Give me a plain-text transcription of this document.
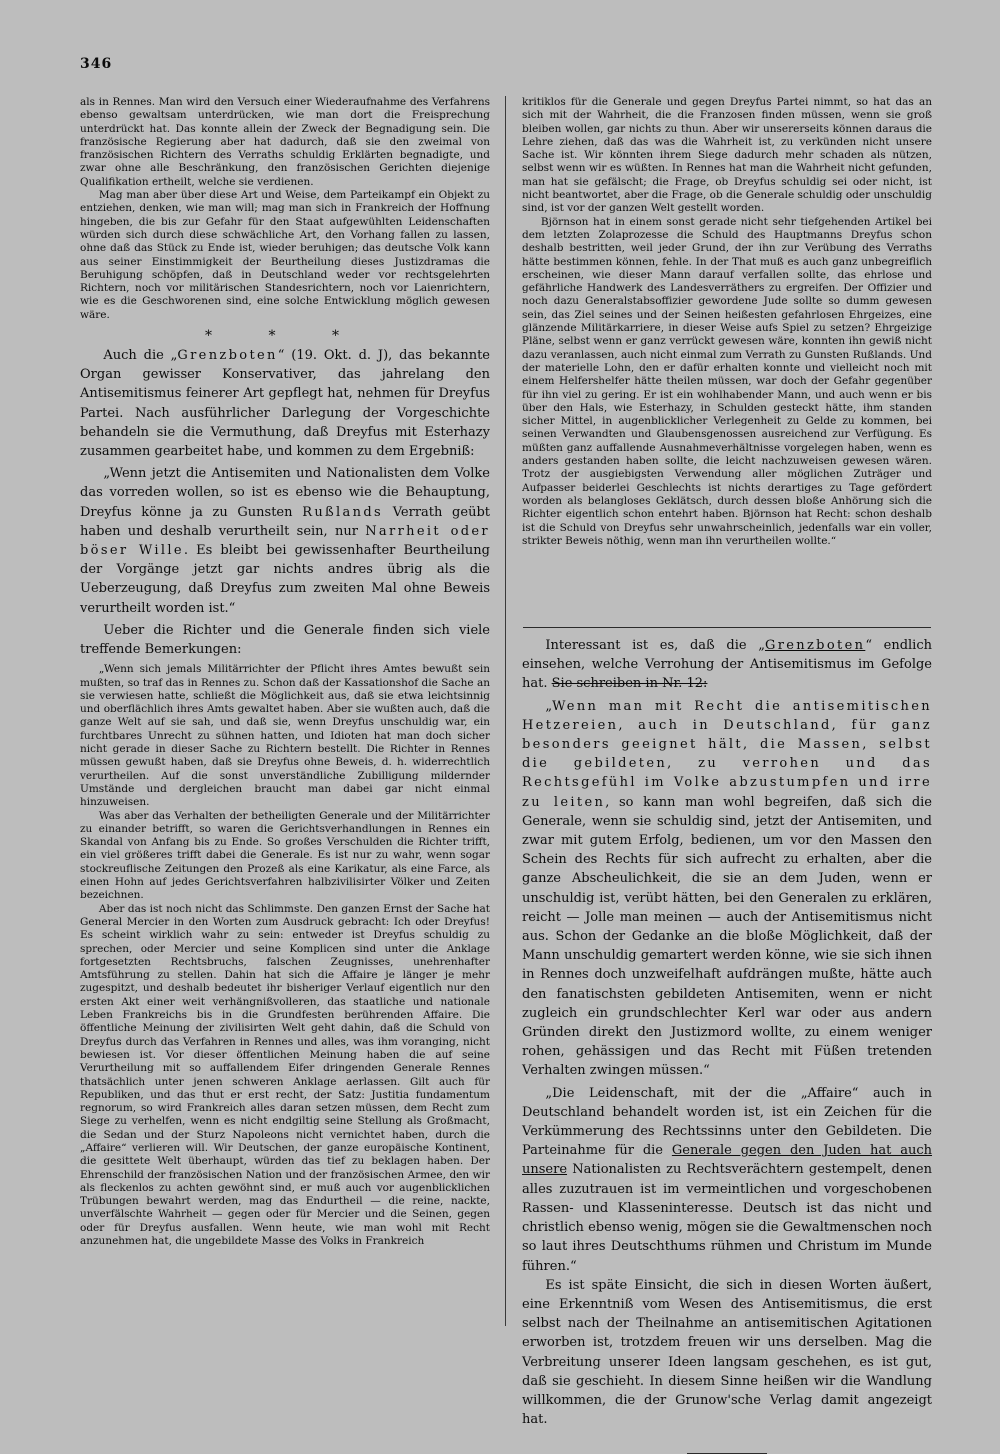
346

als in Rennes. Man wird den Versuch einer Wiederaufnahme des Verfahrens ebenso gewaltsam unterdrücken, wie man dort die Freisprechung unterdrückt hat. Das konnte allein der Zweck der Begnadigung sein. Die französische Regierung aber hat dadurch, daß sie den zweimal von französischen Richtern des Verraths schuldig Erklärten begnadigte, und zwar ohne alle Beschränkung, den französischen Gerichten diejenige Qualifikation ertheilt, welche sie verdienen.

Mag man aber über diese Art und Weise, dem Parteikampf ein Objekt zu entziehen, denken, wie man will; mag man sich in Frankreich der Hoffnung hingeben, die bis zur Gefahr für den Staat aufgewühlten Leidenschaften würden sich durch diese schwächliche Art, den Vorhang fallen zu lassen, ohne daß das Stück zu Ende ist, wieder beruhigen; das deutsche Volk kann aus seiner Einstimmigkeit der Beurtheilung dieses Justizdramas die Beruhigung schöpfen, daß in Deutschland weder vor rechtsgelehrten Richtern, noch vor militärischen Standesrichtern, noch vor Laienrichtern, wie es die Geschworenen sind, eine solche Entwicklung möglich gewesen wäre.

* * *

Auch die „Grenzboten“ (19. Okt. d. J), das bekannte Organ gewisser Konservativer, das jahrelang den Antisemitismus feinerer Art gepflegt hat, nehmen für Dreyfus Partei. Nach ausführlicher Darlegung der Vorgeschichte behandeln sie die Vermuthung, daß Dreyfus mit Esterhazy zusammen gearbeitet habe, und kommen zu dem Ergebniß:

„Wenn jetzt die Antisemiten und Nationalisten dem Volke das vorreden wollen, so ist es ebenso wie die Behauptung, Dreyfus könne ja zu Gunsten Rußlands Verrath geübt haben und deshalb verurtheilt sein, nur Narrheit oder böser Wille. Es bleibt bei gewissenhafter Beurtheilung der Vorgänge jetzt gar nichts andres übrig als die Ueberzeugung, daß Dreyfus zum zweiten Mal ohne Beweis verurtheilt worden ist.“

Ueber die Richter und die Generale finden sich viele treffende Bemerkungen:

„Wenn sich jemals Militärrichter der Pflicht ihres Amtes bewußt sein mußten, so traf das in Rennes zu. Schon daß der Kassationshof die Sache an sie verwiesen hatte, schließt die Möglichkeit aus, daß sie etwa leichtsinnig und oberflächlich ihres Amts gewaltet haben. Aber sie wußten auch, daß die ganze Welt auf sie sah, und daß sie, wenn Dreyfus unschuldig war, ein furchtbares Unrecht zu sühnen hatten, und Idioten hat man doch sicher nicht gerade in dieser Sache zu Richtern bestellt. Die Richter in Rennes müssen gewußt haben, daß sie Dreyfus ohne Beweis, d. h. widerrechtlich verurtheilen. Auf die sonst unverständliche Zubilligung mildernder Umstände und dergleichen braucht man dabei gar nicht einmal hinzuweisen.

Was aber das Verhalten der betheiligten Generale und der Militärrichter zu einander betrifft, so waren die Gerichtsverhandlungen in Rennes ein Skandal von Anfang bis zu Ende. So großes Verschulden die Richter trifft, ein viel größeres trifft dabei die Generale. Es ist nur zu wahr, wenn sogar stockreuflische Zeitungen den Prozeß als eine Karikatur, als eine Farce, als einen Hohn auf jedes Gerichtsverfahren halbzivilisirter Völker und Zeiten bezeichnen.

Aber das ist noch nicht das Schlimmste. Den ganzen Ernst der Sache hat General Mercier in den Worten zum Ausdruck gebracht: Ich oder Dreyfus! Es scheint wirklich wahr zu sein: entweder ist Dreyfus schuldig zu sprechen, oder Mercier und seine Komplicen sind unter die Anklage fortgesetzten Rechtsbruchs, falschen Zeugnisses, unehrenhafter Amtsführung zu stellen. Dahin hat sich die Affaire je länger je mehr zugespitzt, und deshalb bedeutet ihr bisheriger Verlauf eigentlich nur den ersten Akt einer weit verhängnißvolleren, das staatliche und nationale Leben Frankreichs bis in die Grundfesten berührenden Affaire. Die öffentliche Meinung der zivilisirten Welt geht dahin, daß die Schuld von Dreyfus durch das Verfahren in Rennes und alles, was ihm voranging, nicht bewiesen ist. Vor dieser öffentlichen Meinung haben die auf seine Verurtheilung mit so auffallendem Eifer dringenden Generale Rennes thatsächlich unter jenen schweren Anklage aerlassen. Gilt auch für Republiken, und das thut er erst recht, der Satz: Justitia fundamentum regnorum, so wird Frankreich alles daran setzen müssen, dem Recht zum Siege zu verhelfen, wenn es nicht endgiltig seine Stellung als Großmacht, die Sedan und der Sturz Napoleons nicht vernichtet haben, durch die „Affaire“ verlieren will. Wir Deutschen, der ganze europäische Kontinent, die gesittete Welt überhaupt, würden das tief zu beklagen haben. Der Ehrenschild der französischen Nation und der französischen Armee, den wir als fleckenlos zu achten gewöhnt sind, er muß auch vor augenblicklichen Trübungen bewahrt werden, mag das Endurtheil — die reine, nackte, unverfälschte Wahrheit — gegen oder für Mercier und die Seinen, gegen oder für Dreyfus ausfallen. Wenn heute, wie man wohl mit Recht anzunehmen hat, die ungebildete Masse des Volks in Frankreich

kritiklos für die Generale und gegen Dreyfus Partei nimmt, so hat das an sich mit der Wahrheit, die die Franzosen finden müssen, wenn sie groß bleiben wollen, gar nichts zu thun. Aber wir unsererseits können daraus die Lehre ziehen, daß das was die Wahrheit ist, zu verkünden nicht unsere Sache ist. Wir könnten ihrem Siege dadurch mehr schaden als nützen, selbst wenn wir es wüßten. In Rennes hat man die Wahrheit nicht gefunden, man hat sie gefälscht; die Frage, ob Dreyfus schuldig sei oder nicht, ist nicht beantwortet, aber die Frage, ob die Generale schuldig oder unschuldig sind, ist vor der ganzen Welt gestellt worden.

Björnson hat in einem sonst gerade nicht sehr tiefgehenden Artikel bei dem letzten Zolaprozesse die Schuld des Hauptmanns Dreyfus schon deshalb bestritten, weil jeder Grund, der ihn zur Verübung des Verraths hätte bestimmen können, fehle. In der That muß es auch ganz unbegreiflich erscheinen, wie dieser Mann darauf verfallen sollte, das ehrlose und gefährliche Handwerk des Landesverräthers zu ergreifen. Der Offizier und noch dazu Generalstabsoffizier gewordene Jude sollte so dumm gewesen sein, das Ziel seines und der Seinen heißesten gefahrlosen Ehrgeizes, eine glänzende Militärkarriere, in dieser Weise aufs Spiel zu setzen? Ehrgeizige Pläne, selbst wenn er ganz verrückt gewesen wäre, konnten ihn gewiß nicht dazu veranlassen, auch nicht einmal zum Verrath zu Gunsten Rußlands. Und der materielle Lohn, den er dafür erhalten konnte und vielleicht noch mit einem Helfershelfer hätte theilen müssen, war doch der Gefahr gegenüber für ihn viel zu gering. Er ist ein wohlhabender Mann, und auch wenn er bis über den Hals, wie Esterhazy, in Schulden gesteckt hätte, ihm standen sicher Mittel, in augenblicklicher Verlegenheit zu Gelde zu kommen, bei seinen Verwandten und Glaubensgenossen ausreichend zur Verfügung. Es müßten ganz auffallende Ausnahmeverhältnisse vorgelegen haben, wenn es anders gestanden haben sollte, die leicht nachzuweisen gewesen wären. Trotz der ausgiebigsten Verwendung aller möglichen Zuträger und Aufpasser beiderlei Geschlechts ist nichts derartiges zu Tage gefördert worden als belangloses Geklätsch, durch dessen bloße Anhörung sich die Richter eigentlich schon entehrt haben. Björnson hat Recht: schon deshalb ist die Schuld von Dreyfus sehr unwahrscheinlich, jedenfalls war ein voller, strikter Beweis nöthig, wenn man ihn verurtheilen wollte.“

Interessant ist es, daß die „Grenzboten“ endlich einsehen, welche Verrohung der Antisemitismus im Gefolge hat. Sie schreiben in Nr. 12:

„Wenn man mit Recht die antisemitischen Hetzereien, auch in Deutschland, für ganz besonders geeignet hält, die Massen, selbst die gebildeten, zu verrohen und das Rechtsgefühl im Volke abzustumpfen und irre zu leiten, so kann man wohl begreifen, daß sich die Generale, wenn sie schuldig sind, jetzt der Antisemiten, und zwar mit gutem Erfolg, bedienen, um vor den Massen den Schein des Rechts für sich aufrecht zu erhalten, aber die ganze Abscheulichkeit, die sie an dem Juden, wenn er unschuldig ist, verübt hätten, bei den Generalen zu erklären, reicht — Jolle man meinen — auch der Antisemitismus nicht aus. Schon der Gedanke an die bloße Möglichkeit, daß der Mann unschuldig gemartert werden könne, wie sie sich ihnen in Rennes doch unzweifelhaft aufdrängen mußte, hätte auch den fanatischsten gebildeten Antisemiten, wenn er nicht zugleich ein grundschlechter Kerl war oder aus andern Gründen direkt den Justizmord wollte, zu einem weniger rohen, gehässigen und das Recht mit Füßen tretenden Verhalten zwingen müssen.“

„Die Leidenschaft, mit der die „Affaire“ auch in Deutschland behandelt worden ist, ist ein Zeichen für die Verkümmerung des Rechtssinns unter den Gebildeten. Die Parteinahme für die Generale gegen den Juden hat auch unsere Nationalisten zu Rechtsverächtern gestempelt, denen alles zuzutrauen ist im vermeintlichen und vorgeschobenen Rassen- und Klasseninteresse. Deutsch ist das nicht und christlich ebenso wenig, mögen sie die Gewaltmenschen noch so laut ihres Deutschthums rühmen und Christum im Munde führen.“

Es ist späte Einsicht, die sich in diesen Worten äußert, eine Erkenntniß vom Wesen des Antisemitismus, die erst selbst nach der Theilnahme an antisemitischen Agitationen erworben ist, trotzdem freuen wir uns derselben. Mag die Verbreitung unserer Ideen langsam geschehen, es ist gut, daß sie geschieht. In diesem Sinne heißen wir die Wandlung willkommen, die der Grunow'sche Verlag damit angezeigt hat.
